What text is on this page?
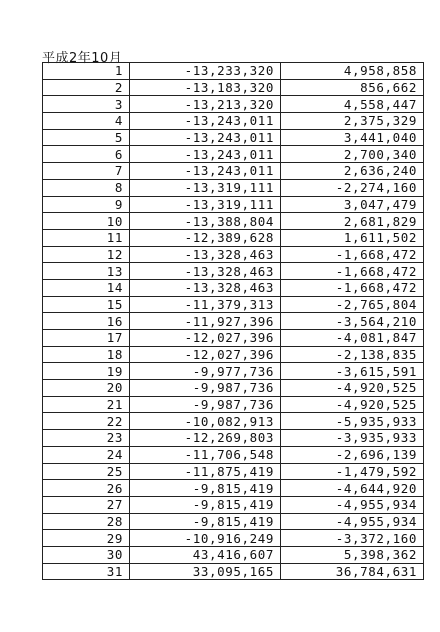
平成2年10月
1	-13,233,320	4,958,858
2	-13,183,320	856,662
3	-13,213,320	4,558,447
4	-13,243,011	2,375,329
5	-13,243,011	3,441,040
6	-13,243,011	2,700,340
7	-13,243,011	2,636,240
8	-13,319,111	-2,274,160
9	-13,319,111	3,047,479
10	-13,388,804	2,681,829
11	-12,389,628	1,611,502
12	-13,328,463	-1,668,472
13	-13,328,463	-1,668,472
14	-13,328,463	-1,668,472
15	-11,379,313	-2,765,804
16	-11,927,396	-3,564,210
17	-12,027,396	-4,081,847
18	-12,027,396	-2,138,835
19	-9,977,736	-3,615,591
20	-9,987,736	-4,920,525
21	-9,987,736	-4,920,525
22	-10,082,913	-5,935,933
23	-12,269,803	-3,935,933
24	-11,706,548	-2,696,139
25	-11,875,419	-1,479,592
26	-9,815,419	-4,644,920
27	-9,815,419	-4,955,934
28	-9,815,419	-4,955,934
29	-10,916,249	-3,372,160
30	43,416,607	5,398,362
31	33,095,165	36,784,631
